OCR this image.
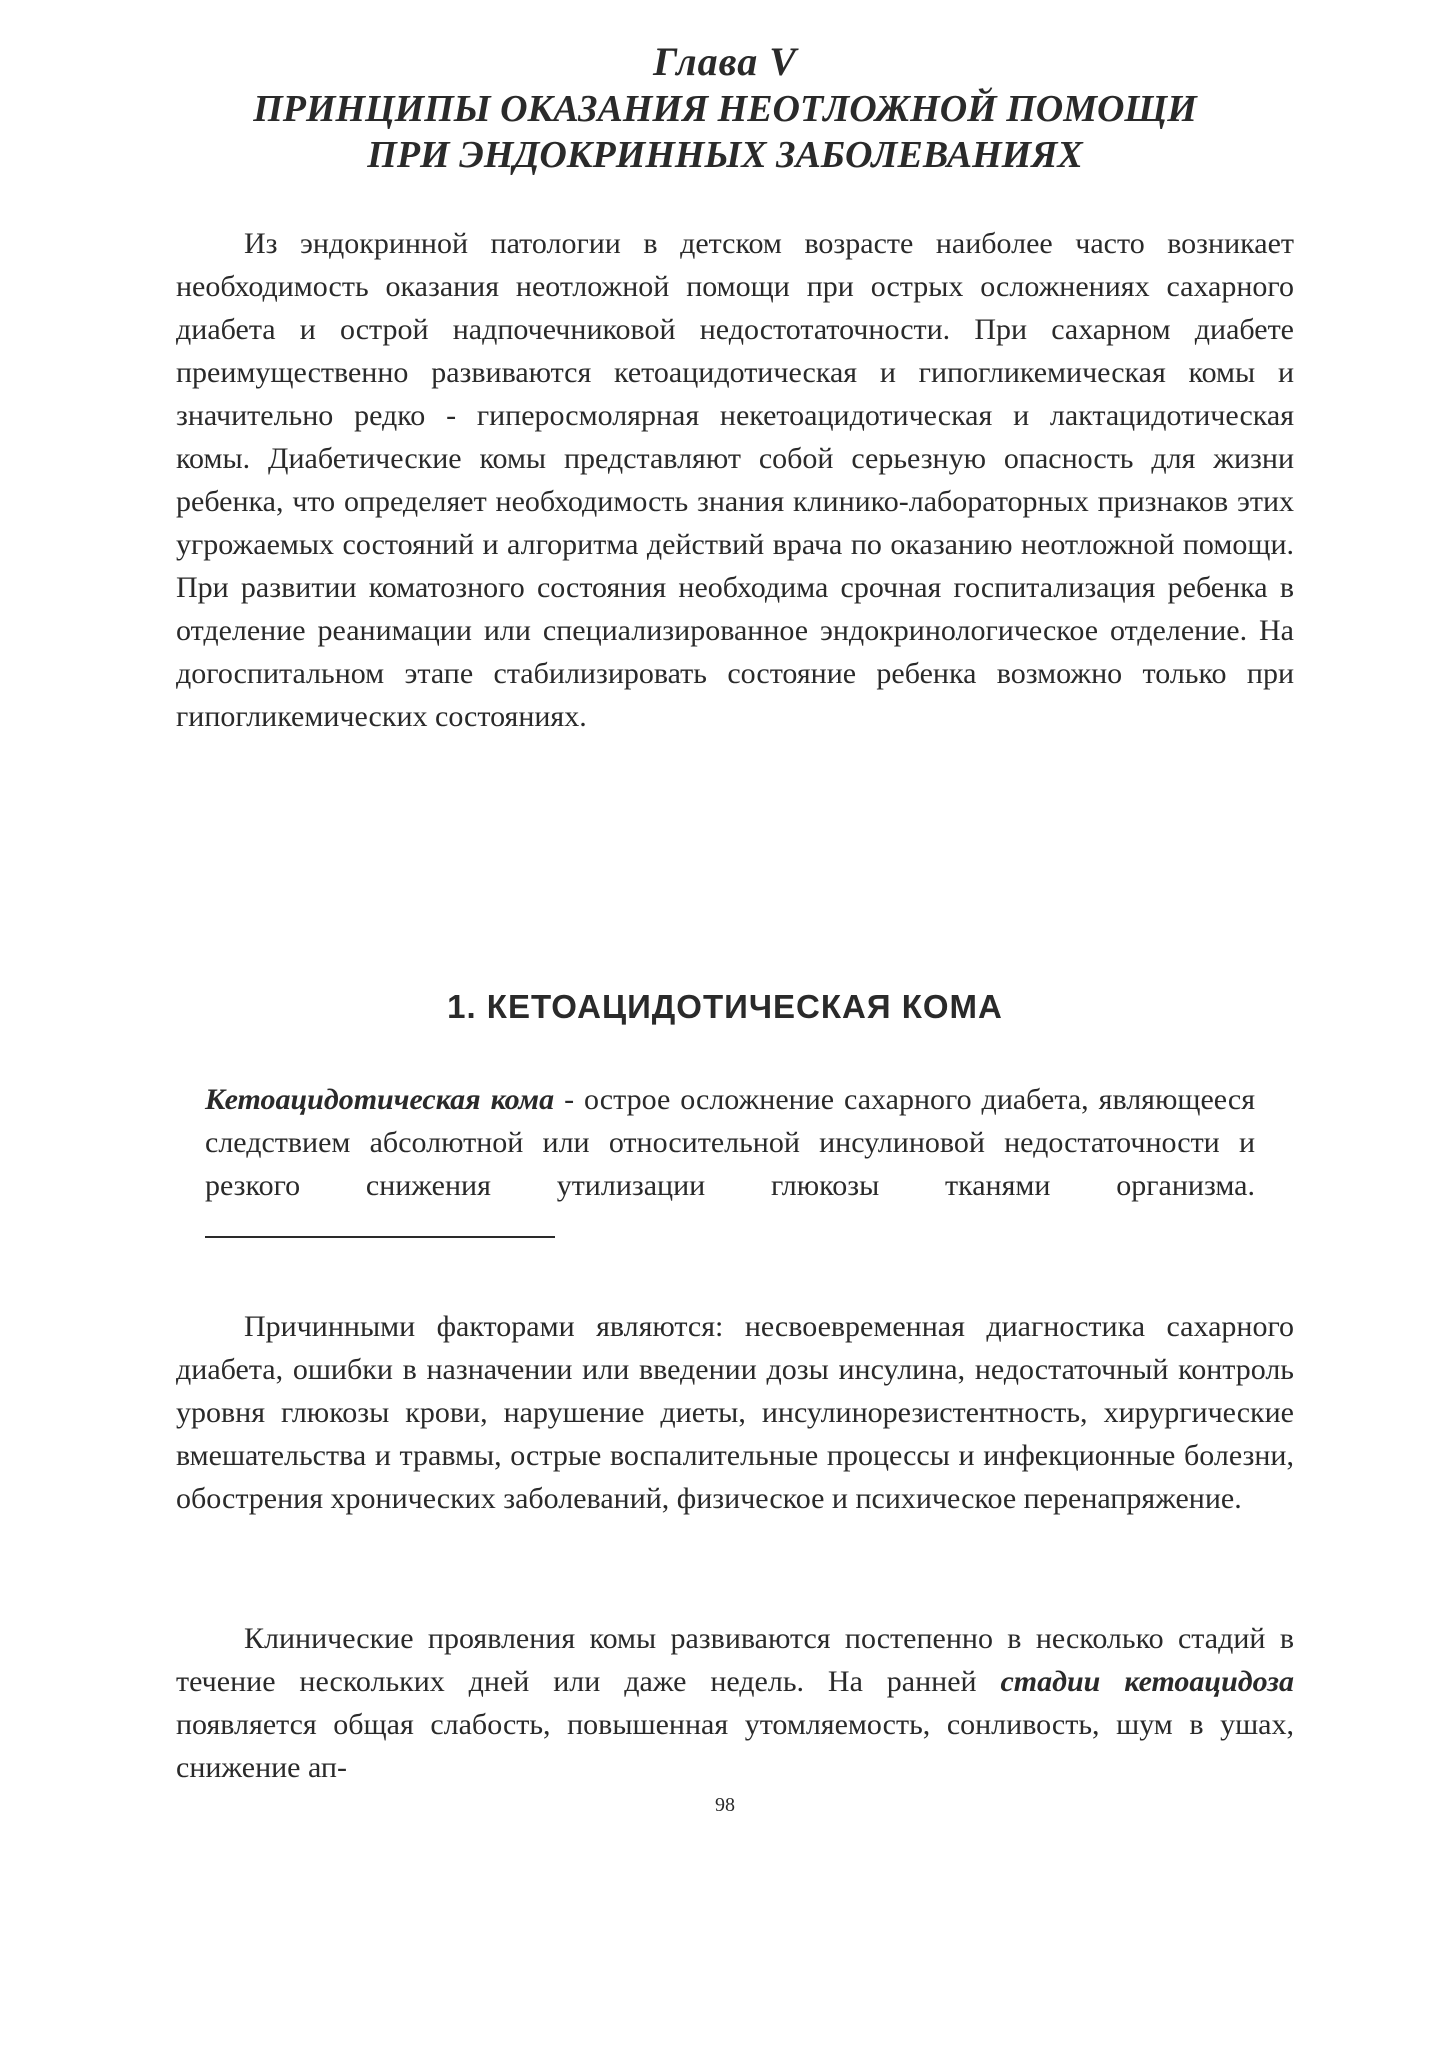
Глава V
ПРИНЦИПЫ ОКАЗАНИЯ НЕОТЛОЖНОЙ ПОМОЩИ
ПРИ ЭНДОКРИННЫХ ЗАБОЛЕВАНИЯХ

Из эндокринной патологии в детском возрасте наиболее часто возникает необходимость оказания неотложной помощи при острых осложнениях сахарного диабета и острой надпочечниковой недостотаточности. При сахарном диабете преимущественно развиваются кетоацидотическая и гипогликемическая комы и значительно редко - гиперосмолярная некетоацидотическая и лактацидотическая комы. Диабетические комы представляют собой серьезную опасность для жизни ребенка, что определяет необходимость знания клинико-лабораторных признаков этих угрожаемых состояний и алгоритма действий врача по оказанию неотложной помощи. При развитии коматозного состояния необходима срочная госпитализация ребенка в отделение реанимации или специализированное эндокринологическое отделение. На догоспитальном этапе стабилизировать состояние ребенка возможно только при гипогликемических состояниях.

1. КЕТОАЦИДОТИЧЕСКАЯ КОМА

Кетоацидотическая кома - острое осложнение сахарного диабета, являющееся следствием абсолютной или относительной инсулиновой недостаточности и резкого снижения утилизации глюкозы тканями организма.

Причинными факторами являются: несвоевременная диагностика сахарного диабета, ошибки в назначении или введении дозы инсулина, недостаточный контроль уровня глюкозы крови, нарушение диеты, инсулинорезистентность, хирургические вмешательства и травмы, острые воспалительные процессы и инфекционные болезни, обострения хронических заболеваний, физическое и психическое перенапряжение.

Клинические проявления комы развиваются постепенно в несколько стадий в течение нескольких дней или даже недель. На ранней стадии кетоацидоза появляется общая слабость, повышенная утомляемость, сонливость, шум в ушах, снижение ап-

98
